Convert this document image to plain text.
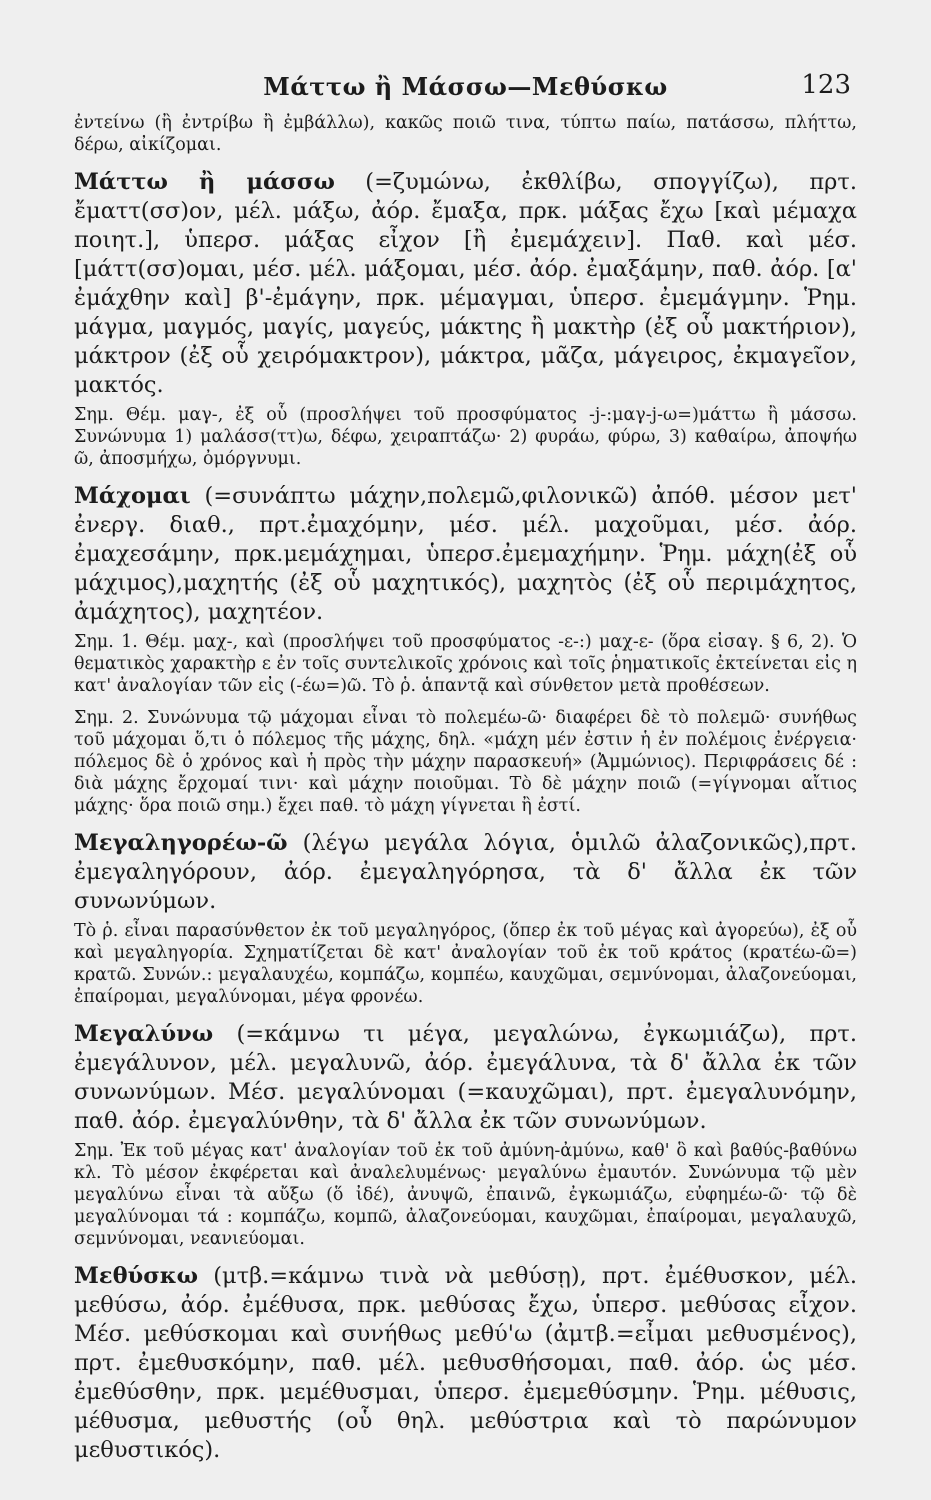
Μάττω ἢ Μάσσω—Μεθύσκω	123

ἐντείνω (ἢ ἐντρίβω ἢ ἐμβάλλω), κακῶς ποιῶ τινα, τύπτω παίω, πατάσσω, πλήττω, δέρω, αἰκίζομαι.

Μάττω ἢ μάσσω (=ζυμώνω, ἐκθλίβω, σπογγίζω), πρτ. ἔματτ(σσ)ον, μέλ. μάξω, ἀόρ. ἔμαξα, πρκ. μάξας ἔχω [καὶ μέμαχα ποιητ.], ὑπερσ. μάξας εἶχον [ἢ ἐμεμάχειν]. Παθ. καὶ μέσ. [μάττ(σσ)ομαι, μέσ. μέλ. μάξομαι, μέσ. ἀόρ. ἐμαξάμην, παθ. ἀόρ. [α' ἐμάχθην καὶ] β'-ἐμάγην, πρκ. μέμαγμαι, ὑπερσ. ἐμεμάγμην. Ῥημ. μάγμα, μαγμός, μαγίς, μαγεύς, μάκτης ἢ μακτὴρ (ἐξ οὗ μακτήριον), μάκτρον (ἐξ οὗ χειρόμακτρον), μάκτρα, μᾶζα, μάγειρος, ἐκμαγεῖον, μακτός.

Σημ. Θέμ. μαγ-, ἐξ οὗ (προσλήψει τοῦ προσφύματος -j-:μαγ-j-ω=)μάττω ἢ μάσσω. Συνώνυμα 1) μαλάσσ(ττ)ω, δέφω, χειραπτάζω· 2) φυράω, φύρω, 3) καθαίρω, ἀποψήω ῶ, ἀποσμήχω, ὀμόργνυμι.

Μάχομαι (=συνάπτω μάχην,πολεμῶ,φιλονικῶ) ἀπόθ. μέσον μετ' ἐνεργ. διαθ., πρτ.ἐμαχόμην, μέσ. μέλ. μαχοῦμαι, μέσ. ἀόρ. ἐμαχεσάμην, πρκ.μεμάχημαι, ὑπερσ.ἐμεμαχήμην. Ῥημ. μάχη(ἐξ οὗ μάχιμος),μαχητής (ἐξ οὗ μαχητικός), μαχητὸς (ἐξ οὗ περιμάχητος, ἀμάχητος), μαχητέον.

Σημ. 1. Θέμ. μαχ-, καὶ (προσλήψει τοῦ προσφύματος -ε-:) μαχ-ε- (ὅρα εἰσαγ. § 6, 2). Ὁ θεματικὸς χαρακτὴρ ε ἐν τοῖς συντελικοῖς χρόνοις καὶ τοῖς ῥηματικοῖς ἐκτείνεται εἰς η κατ' ἀναλογίαν τῶν εἰς (-έω=)ῶ. Τὸ ῥ. ἁπαντᾷ καὶ σύνθετον μετὰ προθέσεων.

Σημ. 2. Συνώνυμα τῷ μάχομαι εἶναι τὸ πολεμέω-ῶ· διαφέρει δὲ τὸ πολεμῶ· συνήθως τοῦ μάχομαι ὅ,τι ὁ πόλεμος τῆς μάχης, δηλ. «μάχη μέν ἐστιν ἡ ἐν πολέμοις ἐνέργεια· πόλεμος δὲ ὁ χρόνος καὶ ἡ πρὸς τὴν μάχην παρασκευή» (Ἀμμώνιος). Περιφράσεις δέ : διὰ μάχης ἔρχομαί τινι· καὶ μάχην ποιοῦμαι. Τὸ δὲ μάχην ποιῶ (=γίγνομαι αἴτιος μάχης· ὅρα ποιῶ σημ.) ἔχει παθ. τὸ μάχη γίγνεται ἢ ἐστί.

Μεγαληγορέω-ῶ (λέγω μεγάλα λόγια, ὁμιλῶ ἀλαζονικῶς),πρτ. ἐμεγαληγόρουν, ἀόρ. ἐμεγαληγόρησα, τὰ δ' ἄλλα ἐκ τῶν συνωνύμων.

Τὸ ῥ. εἶναι παρασύνθετον ἐκ τοῦ μεγαληγόρος, (ὅπερ ἐκ τοῦ μέγας καὶ ἀγορεύω), ἐξ οὗ καὶ μεγαληγορία. Σχηματίζεται δὲ κατ' ἀναλογίαν τοῦ ἐκ τοῦ κράτος (κρατέω-ῶ=) κρατῶ. Συνών.: μεγαλαυχέω, κομπάζω, κομπέω, καυχῶμαι, σεμνύνομαι, ἀλαζονεύομαι, ἐπαίρομαι, μεγαλύνομαι, μέγα φρονέω.

Μεγαλύνω (=κάμνω τι μέγα, μεγαλώνω, ἐγκωμιάζω), πρτ. ἐμεγάλυνον, μέλ. μεγαλυνῶ, ἀόρ. ἐμεγάλυνα, τὰ δ' ἄλλα ἐκ τῶν συνωνύμων. Μέσ. μεγαλύνομαι (=καυχῶμαι), πρτ. ἐμεγαλυνόμην, παθ. ἀόρ. ἐμεγαλύνθην, τὰ δ' ἄλλα ἐκ τῶν συνωνύμων.

Σημ. Ἐκ τοῦ μέγας κατ' ἀναλογίαν τοῦ ἐκ τοῦ ἀμύνη-ἀμύνω, καθ' ὃ καὶ βαθύς-βαθύνω κλ. Τὸ μέσον ἐκφέρεται καὶ ἀναλελυμένως· μεγαλύνω ἐμαυτόν. Συνώνυμα τῷ μὲν μεγαλύνω εἶναι τὰ αὔξω (ὅ ἰδέ), ἀνυψῶ, ἐπαινῶ, ἐγκωμιάζω, εὐφημέω-ῶ· τῷ δὲ μεγαλύνομαι τά : κομπάζω, κομπῶ, ἀλαζονεύομαι, καυχῶμαι, ἐπαίρομαι, μεγαλαυχῶ, σεμνύνομαι, νεανιεύομαι.

Μεθύσκω (μτβ.=κάμνω τινὰ νὰ μεθύσῃ), πρτ. ἐμέθυσκον, μέλ. μεθύσω, ἀόρ. ἐμέθυσα, πρκ. μεθύσας ἔχω, ὑπερσ. μεθύσας εἶχον. Μέσ. μεθύσκομαι καὶ συνήθως μεθύ'ω (ἀμτβ.=εἶμαι μεθυσμένος), πρτ. ἐμεθυσκόμην, παθ. μέλ. μεθυσθήσομαι, παθ. ἀόρ. ὡς μέσ. ἐμεθύσθην, πρκ. μεμέθυσμαι, ὑπερσ. ἐμεμεθύσμην. Ῥημ. μέθυσις, μέθυσμα, μεθυστής (οὗ θηλ. μεθύστρια καὶ τὸ παρώνυμον μεθυστικός).
